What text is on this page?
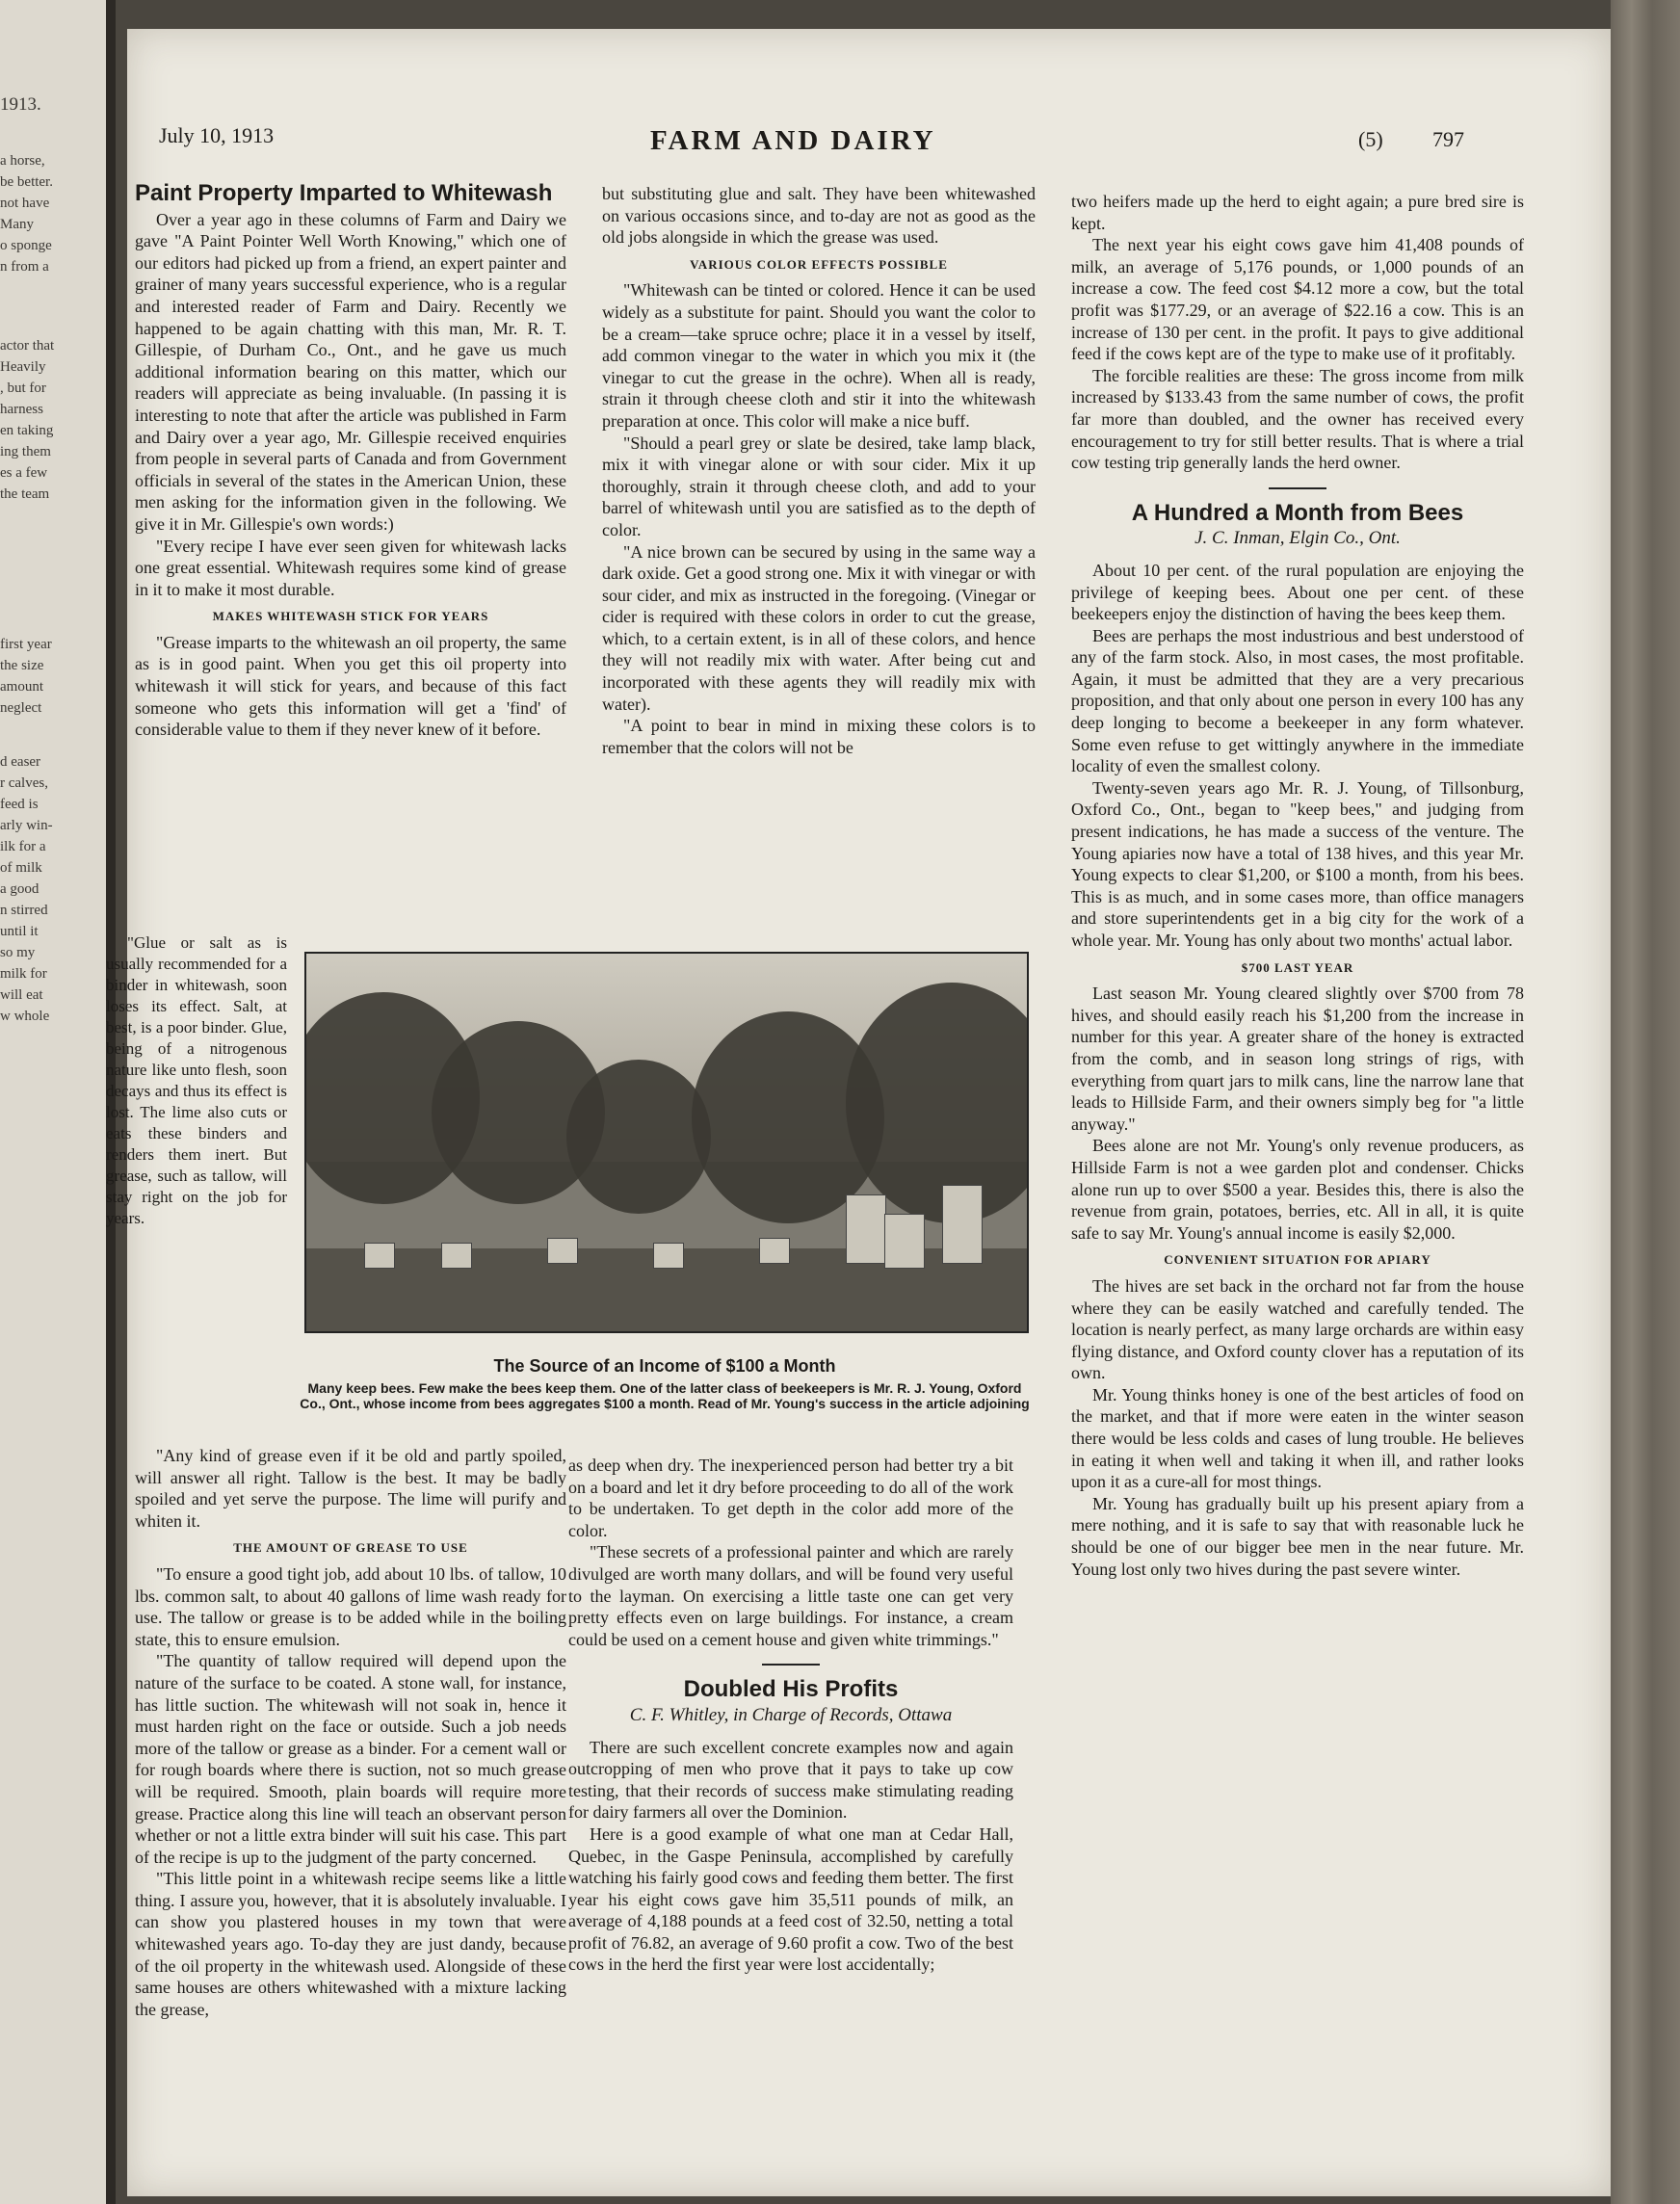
1913.
a horse,
be better.
not have
Many
o sponge
n from a
actor that
Heavily
, but for
harness
en taking
ing them
es a few
the team
first year
the size
amount
neglect
d easer
r calves,
feed is
arly win-
ilk for a
of milk
a good
n stirred
until it
so my
milk for
will eat
w whole
July 10, 1913	FARM AND DAIRY	(5) 797
Paint Property Imparted to Whitewash

Over a year ago in these columns of Farm and Dairy we gave "A Paint Pointer Well Worth Knowing," which one of our editors had picked up from a friend, an expert painter and grainer of many years successful experience, who is a regular and interested reader of Farm and Dairy. Recently we happened to be again chatting with this man, Mr. R. T. Gillespie, of Durham Co., Ont., and he gave us much additional information bearing on this matter, which our readers will appreciate as being invaluable. (In passing it is interesting to note that after the article was published in Farm and Dairy over a year ago, Mr. Gillespie received enquiries from people in several parts of Canada and from Government officials in several of the states in the American Union, these men asking for the information given in the following. We give it in Mr. Gillespie's own words:)

"Every recipe I have ever seen given for whitewash lacks one great essential. Whitewash requires some kind of grease in it to make it most durable.

MAKES WHITEWASH STICK FOR YEARS

"Grease imparts to the whitewash an oil property, the same as is in good paint. When you get this oil property into whitewash it will stick for years, and because of this fact someone who gets this information will get a 'find' of considerable value to them if they never knew of it before.

"Glue or salt as is usually recommended for a binder in whitewash, soon loses its effect. Salt, at best, is a poor binder. Glue, being of a nitrogenous nature like unto flesh, soon decays and thus its effect is lost. The lime also cuts or eats these binders and renders them inert. But grease, such as tallow, will stay right on the job for years.

"Any kind of grease even if it be old and partly spoiled, will answer all right. Tallow is the best. It may be badly spoiled and yet serve the purpose. The lime will purify and whiten it.

THE AMOUNT OF GREASE TO USE

"To ensure a good tight job, add about 10 lbs. of tallow, 10 lbs. common salt, to about 40 gallons of lime wash ready for use. The tallow or grease is to be added while in the boiling state, this to ensure emulsion.

"The quantity of tallow required will depend upon the nature of the surface to be coated. A stone wall, for instance, has little suction. The whitewash will not soak in, hence it must harden right on the face or outside. Such a job needs more of the tallow or grease as a binder. For a cement wall or for rough boards where there is suction, not so much grease will be required. Smooth, plain boards will require more grease. Practice along this line will teach an observant person whether or not a little extra binder will suit his case. This part of the recipe is up to the judgment of the party concerned.

"This little point in a whitewash recipe seems like a little thing. I assure you, however, that it is absolutely invaluable. I can show you plastered houses in my town that were whitewashed years ago. To-day they are just dandy, because of the oil property in the whitewash used. Alongside of these same houses are others whitewashed with a mixture lacking the grease,

but substituting glue and salt. They have been whitewashed on various occasions since, and to-day are not as good as the old jobs alongside in which the grease was used.

VARIOUS COLOR EFFECTS POSSIBLE

"Whitewash can be tinted or colored. Hence it can be used widely as a substitute for paint. Should you want the color to be a cream—take spruce ochre; place it in a vessel by itself, add common vinegar to the water in which you mix it (the vinegar to cut the grease in the ochre). When all is ready, strain it through cheese cloth and stir it into the whitewash preparation at once. This color will make a nice buff.

"Should a pearl grey or slate be desired, take lamp black, mix it with vinegar alone or with sour cider. Mix it up thoroughly, strain it through cheese cloth, and add to your barrel of whitewash until you are satisfied as to the depth of color.

"A nice brown can be secured by using in the same way a dark oxide. Get a good strong one. Mix it with vinegar or with sour cider, and mix as instructed in the foregoing. (Vinegar or cider is required with these colors in order to cut the grease, which, to a certain extent, is in all of these colors, and hence they will not readily mix with water. After being cut and incorporated with these agents they will readily mix with water).

"A point to bear in mind in mixing these colors is to remember that the colors will not be

The Source of an Income of $100 a Month
Many keep bees. Few make the bees keep them. One of the latter class of beekeepers is Mr. R. J. Young, Oxford Co., Ont., whose income from bees aggregates $100 a month. Read of Mr. Young's success in the article adjoining

as deep when dry. The inexperienced person had better try a bit on a board and let it dry before proceeding to do all of the work to be undertaken. To get depth in the color add more of the color.

"These secrets of a professional painter and which are rarely divulged are worth many dollars, and will be found very useful to the layman. On exercising a little taste one can get very pretty effects even on large buildings. For instance, a cream could be used on a cement house and given white trimmings."

Doubled His Profits
C. F. Whitley, in Charge of Records, Ottawa

There are such excellent concrete examples now and again outcropping of men who prove that it pays to take up cow testing, that their records of success make stimulating reading for dairy farmers all over the Dominion.

Here is a good example of what one man at Cedar Hall, Quebec, in the Gaspe Peninsula, accomplished by carefully watching his fairly good cows and feeding them better. The first year his eight cows gave him 35,511 pounds of milk, an average of 4,188 pounds at a feed cost of 32.50, netting a total profit of 76.82, an average of 9.60 profit a cow. Two of the best cows in the herd the first year were lost accidentally;

two heifers made up the herd to eight again; a pure bred sire is kept.

The next year his eight cows gave him 41,408 pounds of milk, an average of 5,176 pounds, or 1,000 pounds of an increase a cow. The feed cost $4.12 more a cow, but the total profit was $177.29, or an average of $22.16 a cow. This is an increase of 130 per cent. in the profit. It pays to give additional feed if the cows kept are of the type to make use of it profitably.

The forcible realities are these: The gross income from milk increased by $133.43 from the same number of cows, the profit far more than doubled, and the owner has received every encouragement to try for still better results. That is where a trial cow testing trip generally lands the herd owner.

A Hundred a Month from Bees
J. C. Inman, Elgin Co., Ont.

About 10 per cent. of the rural population are enjoying the privilege of keeping bees. About one per cent. of these beekeepers enjoy the distinction of having the bees keep them.

Bees are perhaps the most industrious and best understood of any of the farm stock. Also, in most cases, the most profitable. Again, it must be admitted that they are a very precarious proposition, and that only about one person in every 100 has any deep longing to become a beekeeper in any form whatever. Some even refuse to get wittingly anywhere in the immediate locality of even the smallest colony.

Twenty-seven years ago Mr. R. J. Young, of Tillsonburg, Oxford Co., Ont., began to "keep bees," and judging from present indications, he has made a success of the venture. The Young apiaries now have a total of 138 hives, and this year Mr. Young expects to clear $1,200, or $100 a month, from his bees. This is as much, and in some cases more, than office managers and store superintendents get in a big city for the work of a whole year. Mr. Young has only about two months' actual labor.

$700 LAST YEAR

Last season Mr. Young cleared slightly over $700 from 78 hives, and should easily reach his $1,200 from the increase in number for this year. A greater share of the honey is extracted from the comb, and in season long strings of rigs, with everything from quart jars to milk cans, line the narrow lane that leads to Hillside Farm, and their owners simply beg for "a little anyway."

Bees alone are not Mr. Young's only revenue producers, as Hillside Farm is not a wee garden plot and condenser. Chicks alone run up to over $500 a year. Besides this, there is also the revenue from grain, potatoes, berries, etc. All in all, it is quite safe to say Mr. Young's annual income is easily $2,000.

CONVENIENT SITUATION FOR APIARY

The hives are set back in the orchard not far from the house where they can be easily watched and carefully tended. The location is nearly perfect, as many large orchards are within easy flying distance, and Oxford county clover has a reputation of its own.

Mr. Young thinks honey is one of the best articles of food on the market, and that if more were eaten in the winter season there would be less colds and cases of lung trouble. He believes in eating it when well and taking it when ill, and rather looks upon it as a cure-all for most things.

Mr. Young has gradually built up his present apiary from a mere nothing, and it is safe to say that with reasonable luck he should be one of our bigger bee men in the near future. Mr. Young lost only two hives during the past severe winter.
